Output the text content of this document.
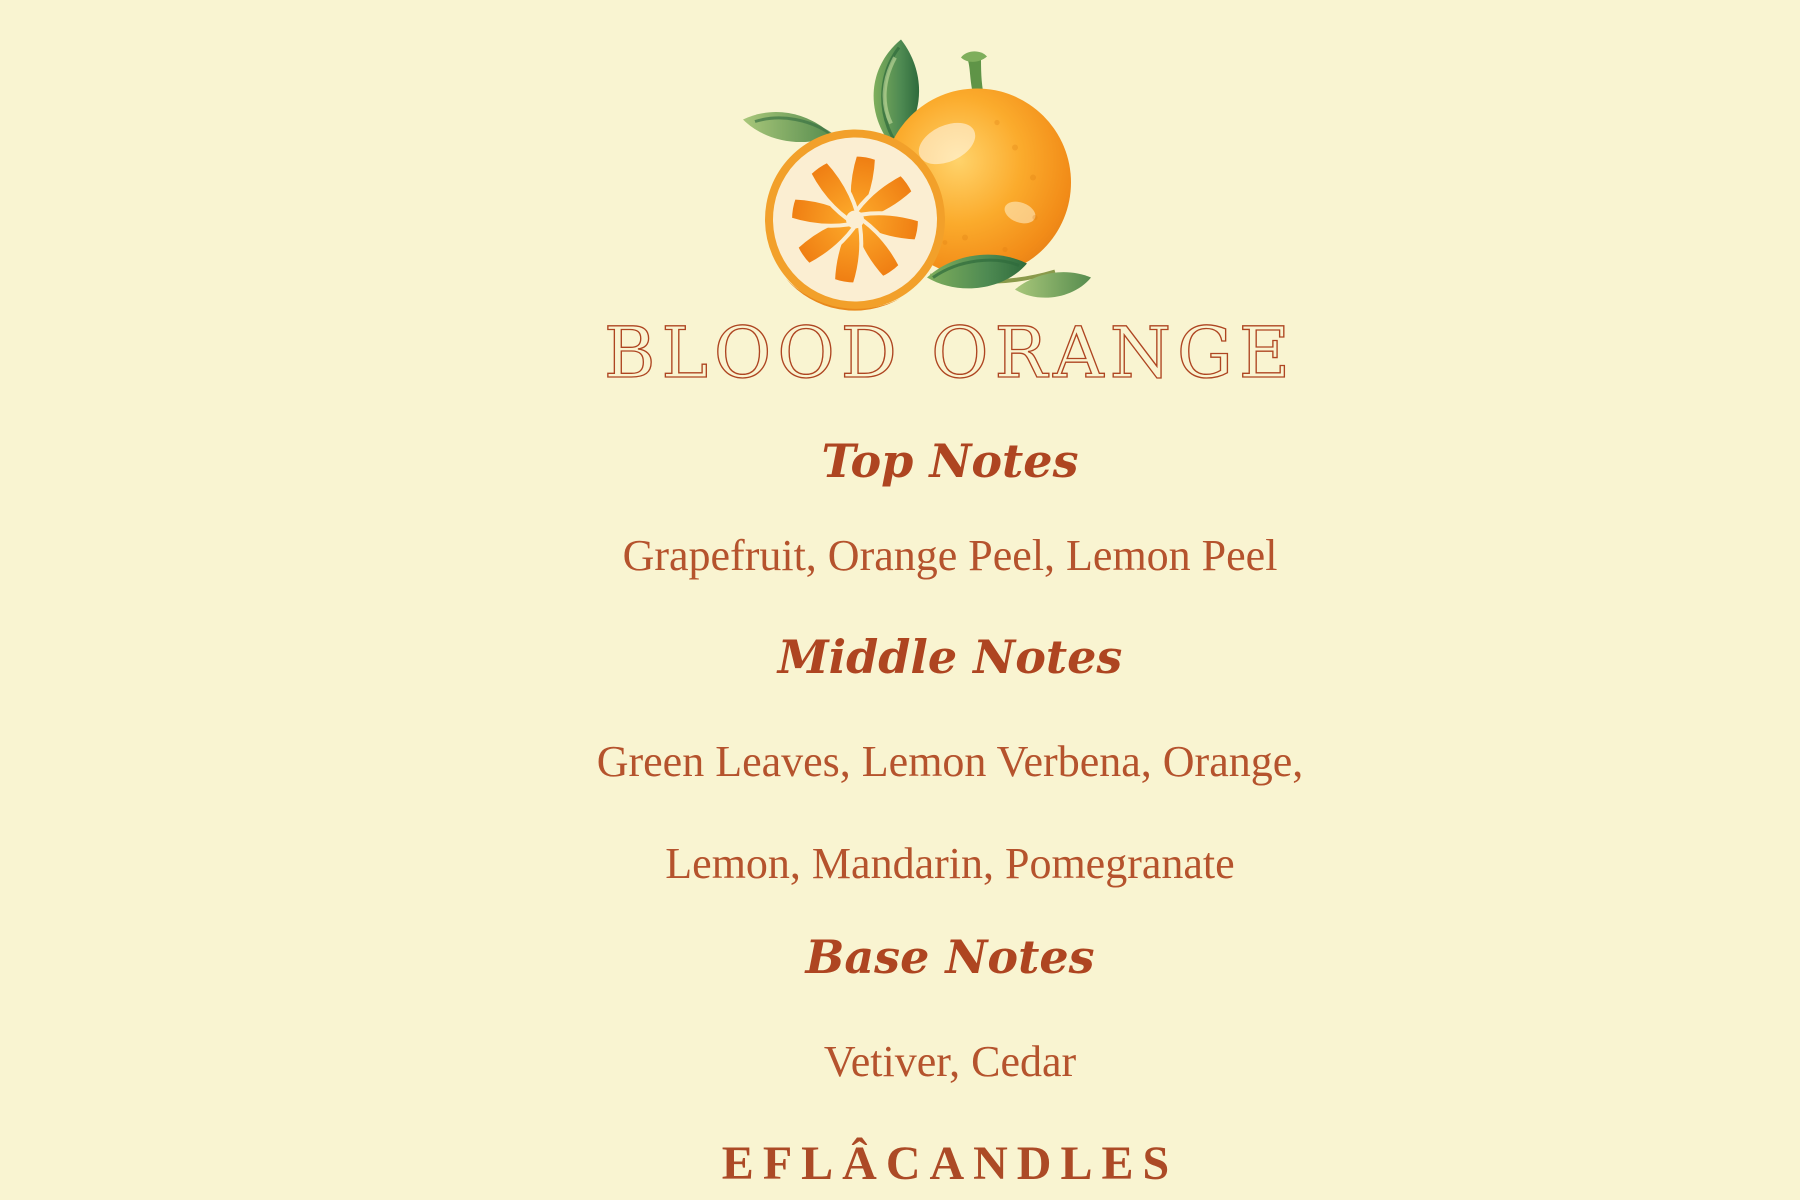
BLOOD ORANGE
Top Notes

Grapefruit, Orange Peel, Lemon Peel

Middle Notes

Green Leaves, Lemon Verbena, Orange,

Lemon, Mandarin, Pomegranate

Base Notes

Vetiver, Cedar

EFLÂCANDLES
